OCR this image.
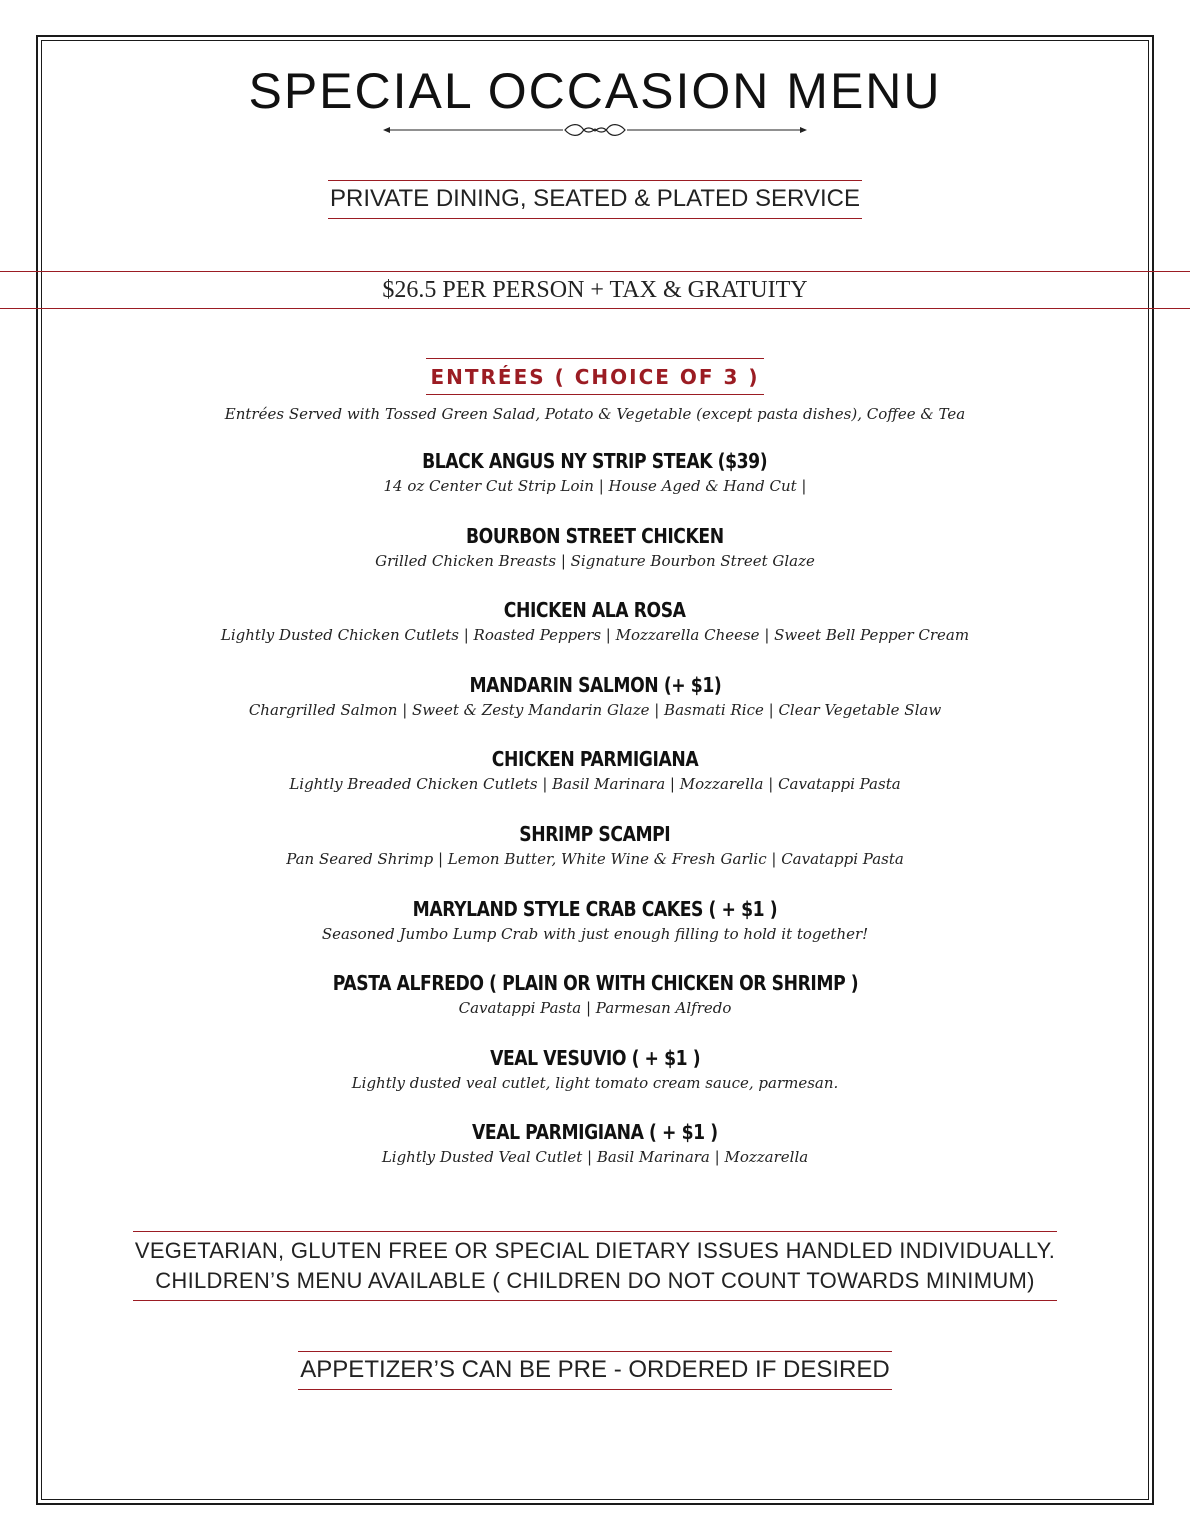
SPECIAL OCCASION MENU
PRIVATE DINING, SEATED & PLATED SERVICE
$26.5 PER PERSON + TAX & GRATUITY
ENTRÉES ( CHOICE OF 3 )
Entrées Served with Tossed Green Salad, Potato & Vegetable (except pasta dishes), Coffee & Tea
BLACK ANGUS NY STRIP STEAK ($39)
14 oz Center Cut Strip Loin | House Aged & Hand Cut |
BOURBON STREET CHICKEN
Grilled Chicken Breasts | Signature Bourbon Street Glaze
CHICKEN ALA ROSA
Lightly Dusted Chicken Cutlets | Roasted Peppers | Mozzarella Cheese | Sweet Bell Pepper Cream
MANDARIN SALMON (+ $1)
Chargrilled Salmon | Sweet & Zesty Mandarin Glaze | Basmati Rice | Clear Vegetable Slaw
CHICKEN PARMIGIANA
Lightly Breaded Chicken Cutlets | Basil Marinara | Mozzarella | Cavatappi Pasta
SHRIMP SCAMPI
Pan Seared Shrimp | Lemon Butter, White Wine & Fresh Garlic | Cavatappi Pasta
MARYLAND STYLE CRAB CAKES ( + $1 )
Seasoned Jumbo Lump Crab with just enough filling to hold it together!
PASTA ALFREDO ( PLAIN OR WITH CHICKEN OR SHRIMP )
Cavatappi Pasta | Parmesan Alfredo
VEAL VESUVIO ( + $1 )
Lightly dusted veal cutlet, light tomato cream sauce, parmesan.
VEAL PARMIGIANA ( + $1 )
Lightly Dusted Veal Cutlet | Basil Marinara | Mozzarella
VEGETARIAN, GLUTEN FREE OR SPECIAL DIETARY ISSUES HANDLED INDIVIDUALLY.
CHILDREN’S MENU AVAILABLE ( CHILDREN DO NOT COUNT TOWARDS MINIMUM)
APPETIZER’S CAN BE PRE - ORDERED IF DESIRED
